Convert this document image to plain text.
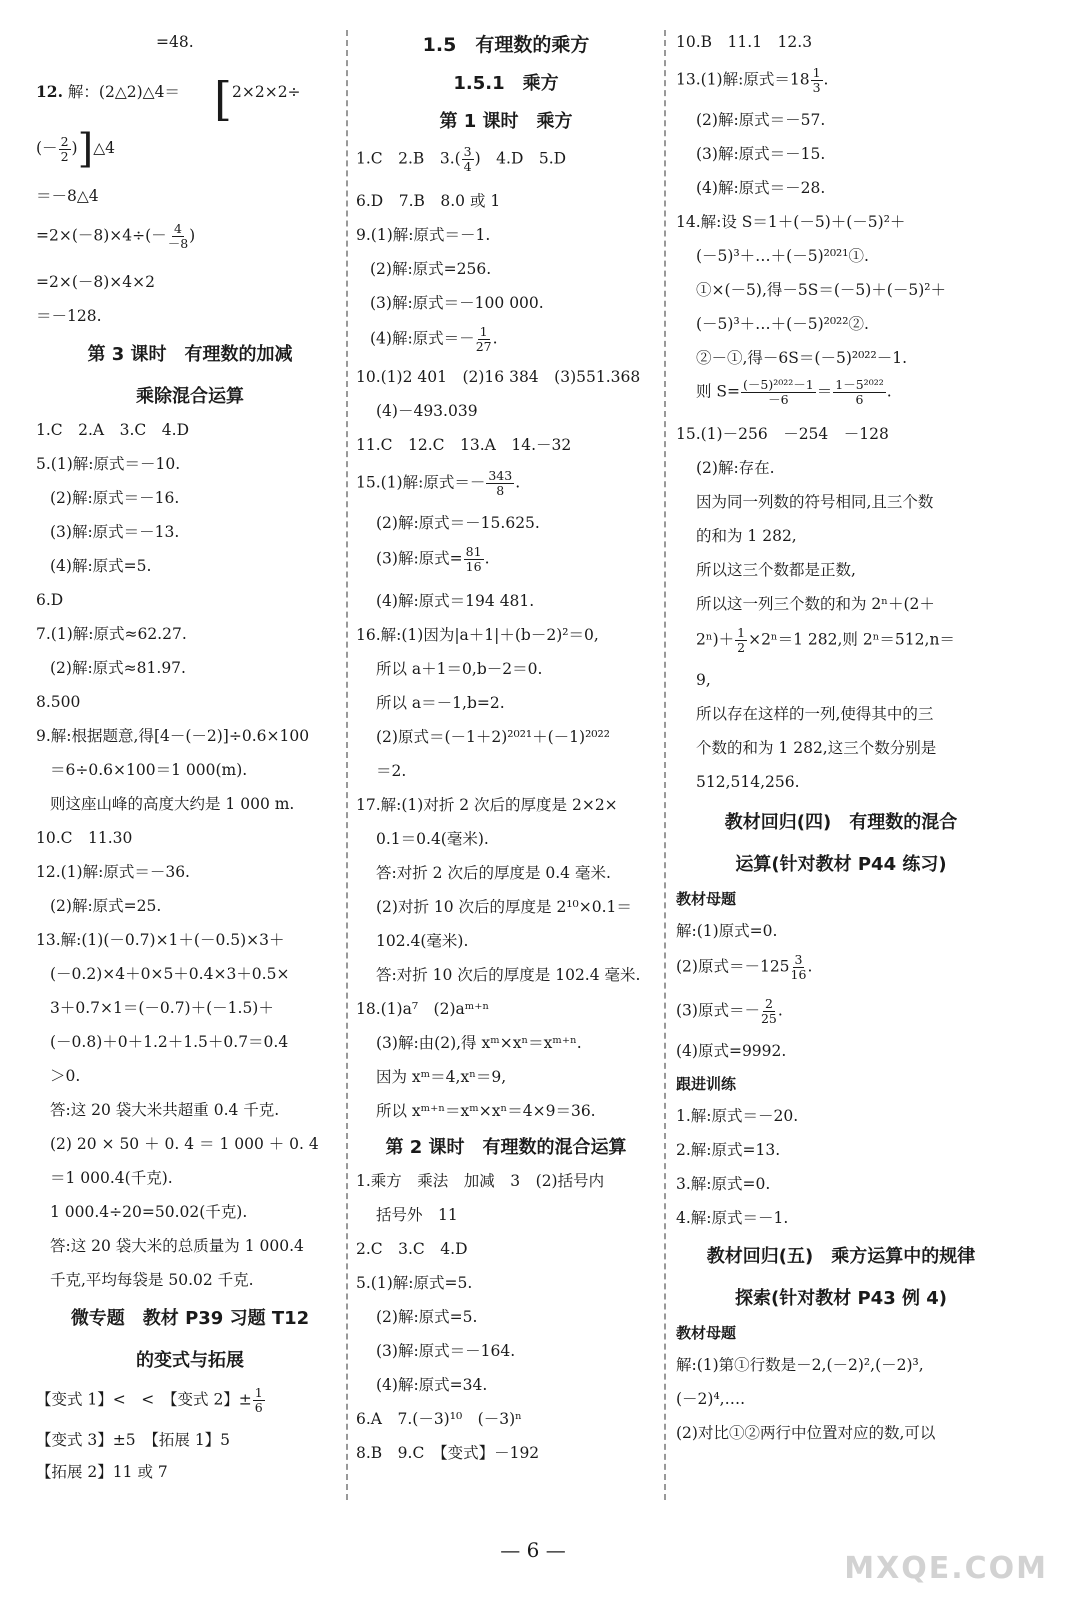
=48.
12. 解：(2△2)△4＝ [ 2×2×2÷
(－ $\frac{2}{2}$ )]△4
＝－8△4
$=2\times(-8)\times 4\div(- \frac{4}{-8}$ )
=2×(－8)×4×2
＝－128.
第 3 课时　有理数的加减
乘除混合运算
1.C　2.A　3.C　4.D
5.(1)解:原式＝－10.
(2)解:原式＝－16.
(3)解:原式＝－13.
(4)解:原式=5.
6.D
7.(1)解:原式≈62.27.
(2)解:原式≈81.97.
8.500
9.解:根据题意,得[4－(－2)]÷0.6×100
＝6÷0.6×100＝1 000(m).
则这座山峰的高度大约是 1 000 m.
10.C　11.30
12.(1)解:原式＝－36.
(2)解:原式=25.
13.解:(1)(－0.7)×1＋(－0.5)×3＋
(－0.2)×4＋0×5＋0.4×3＋0.5×
3＋0.7×1＝(－0.7)＋(－1.5)＋
(－0.8)＋0＋1.2＋1.5＋0.7＝0.4
＞0.
答:这 20 袋大米共超重 0.4 千克.
(2) 20 × 50 ＋ 0. 4 ＝ 1 000 ＋ 0. 4
＝1 000.4(千克).
1 000.4÷20=50.02(千克).
答:这 20 袋大米的总质量为 1 000.4
千克,平均每袋是 50.02 千克.
微专题　教材 P39 习题 T12
的变式与拓展
【变式 1】<　<　【变式 2】± $\frac{1}{6}$
【变式 3】±5　【拓展 1】5
【拓展 2】11 或 7
1.5　有理数的乘方
1.5.1　乘方
第 1 课时　乘方
1.C　2.B　$3.( \frac{3}{4}$ )　4.D　5.D
6.D　7.B　8.0 或 1
9.(1)解:原式＝－1.
(2)解:原式=256.
(3)解:原式＝－100 000.
(4)解:原式＝－ $\frac{1}{27}$ .
10.(1)2 401　(2)16 384　(3)551.368
(4)－493.039
11.C　12.C　13.A　14.－32
15.(1)解:原式＝－ $\frac{343}{8}$ .
(2)解:原式＝－15.625.
(3)解:原式= $\frac{81}{16}$ .
(4)解:原式＝194 481.
16.解:(1)因为|a＋1|＋(b－2)²＝0,
所以 a＋1＝0,b－2＝0.
所以 a＝－1,b=2.
(2)原式＝(－1＋2)²⁰²¹＋(－1)²⁰²²
＝2.
17.解:(1)对折 2 次后的厚度是 2×2×
0.1＝0.4(毫米).
答:对折 2 次后的厚度是 0.4 毫米.
(2)对折 10 次后的厚度是 2¹⁰×0.1＝
102.4(毫米).
答:对折 10 次后的厚度是 102.4 毫米.
18.(1)a⁷　(2)aᵐ⁺ⁿ
(3)解:由(2),得 xᵐ×xⁿ＝xᵐ⁺ⁿ.
因为 xᵐ＝4,xⁿ＝9,
所以 xᵐ⁺ⁿ＝xᵐ×xⁿ＝4×9＝36.
第 2 课时　有理数的混合运算
1.乘方　乘法　加减　3　(2)括号内
括号外　11
2.C　3.C　4.D
5.(1)解:原式=5.
(2)解:原式=5.
(3)解:原式＝－164.
(4)解:原式=34.
6.A　7.(－3)¹⁰　(－3)ⁿ
8.B　9.C　【变式】－192
10.B　11.1　12.3
13.(1)解:原式$=18 \frac{1}{3}$ .
(2)解:原式＝－57.
(3)解:原式＝－15.
(4)解:原式＝－28.
14.解:设 S＝1＋(－5)＋(－5)²＋
(－5)³＋…＋(－5)²⁰²¹①.
①×(－5),得－5S＝(－5)＋(－5)²＋
(－5)³＋…＋(－5)²⁰²²②.
②－①,得－6S＝(－5)²⁰²²－1.
则 $S= \frac{\text{(－5)²⁰²²－1}}{-6} = \frac{\text{1－5²⁰²²}}{6}$ .
15.(1)－256　－254　－128
(2)解:存在.
因为同一列数的符号相同,且三个数
的和为 1 282,
所以这三个数都是正数,
所以这一列三个数的和为 2ⁿ＋(2＋
$2^n)+ \frac{1}{2} \times 2^n=1$ 282,则 2ⁿ＝512,n＝
9,
所以存在这样的一列,使得其中的三
个数的和为 1 282,这三个数分别是
512,514,256.
教材回归(四)　有理数的混合
运算(针对教材 P44 练习)
教材母题
解:(1)原式=0.
(2)原式$=-125 \frac{3}{16}$ .
(3)原式＝－ $\frac{2}{25}$ .
(4)原式=9992.
跟进训练
1.解:原式＝－20.
2.解:原式=13.
3.解:原式=0.
4.解:原式＝－1.
教材回归(五)　乘方运算中的规律
探索(针对教材 P43 例 4)
教材母题
解:(1)第①行数是－2,(－2)²,(－2)³,
(－2)⁴,….
(2)对比①②两行中位置对应的数,可以
— 6 —
MXQE.COM
